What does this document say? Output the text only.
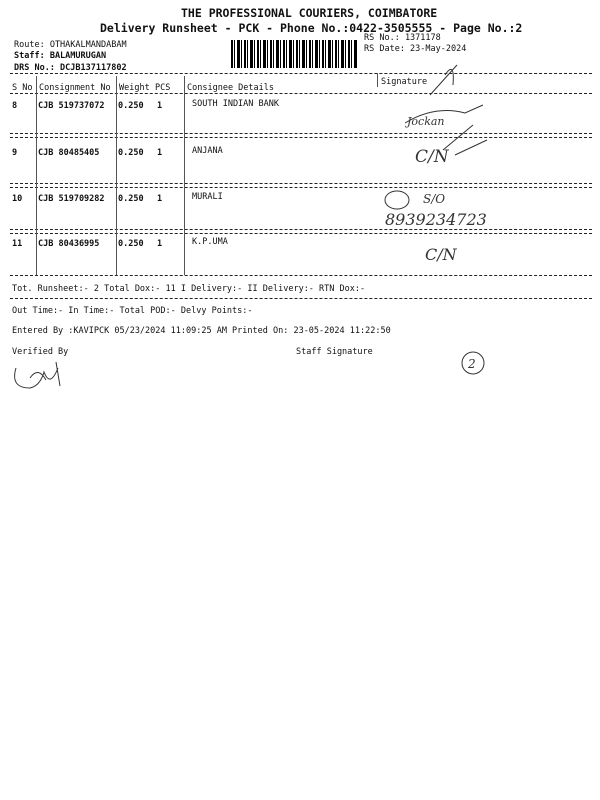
THE PROFESSIONAL COURIERS, COIMBATORE
Delivery Runsheet - PCK - Phone No.:0422-3505555 - Page No.:2
Route: OTHAKALMANDABAM
Staff: BALAMURUGAN
DRS No.: DCJB137117802
RS No.: 1371178
RS Date: 23-May-2024
S No Consignment No Weight PCS Consignee Details
Signature
8 CJB 519737072 0.250 1	SOUTH INDIAN BANK
9 CJB 80485405 0.250 1	ANJANA
10 CJB 519709282 0.250 1	MURALI
11 CJB 80436995 0.250 1	K.P.UMA
Jockan
C/N
S/O
8939234723
C/N
Tot. Runsheet:- 2 Total Dox:- 11 I Delivery:- II Delivery:- RTN Dox:-
Out Time:- In Time:- Total POD:- Delvy Points:-
Entered By :KAVIPCK 05/23/2024 11:09:25 AM Printed On: 23-05-2024 11:22:50
Verified By	Staff Signature
2
